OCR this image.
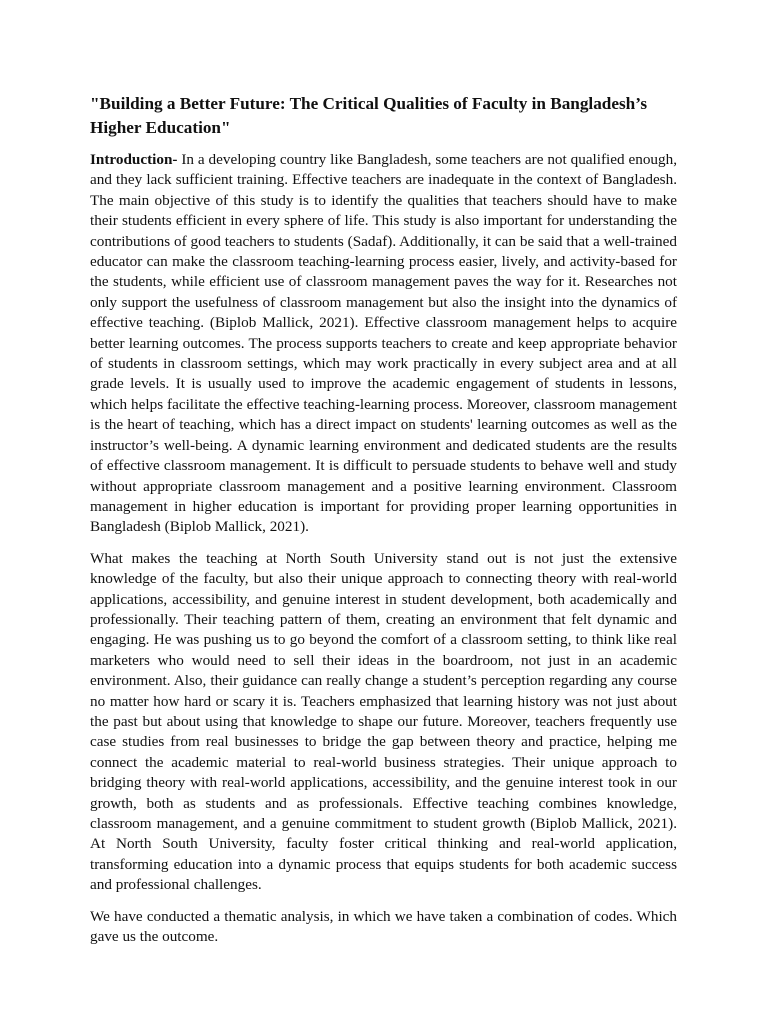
"Building a Better Future: The Critical Qualities of Faculty in Bangladesh’s Higher Education"

Introduction- In a developing country like Bangladesh, some teachers are not qualified enough, and they lack sufficient training. Effective teachers are inadequate in the context of Bangladesh. The main objective of this study is to identify the qualities that teachers should have to make their students efficient in every sphere of life. This study is also important for understanding the contributions of good teachers to students (Sadaf). Additionally, it can be said that a well-trained educator can make the classroom teaching-learning process easier, lively, and activity-based for the students, while efficient use of classroom management paves the way for it. Researches not only support the usefulness of classroom management but also the insight into the dynamics of effective teaching. (Biplob Mallick, 2021). Effective classroom management helps to acquire better learning outcomes. The process supports teachers to create and keep appropriate behavior of students in classroom settings, which may work practically in every subject area and at all grade levels. It is usually used to improve the academic engagement of students in lessons, which helps facilitate the effective teaching-learning process. Moreover, classroom management is the heart of teaching, which has a direct impact on students' learning outcomes as well as the instructor’s well-being. A dynamic learning environment and dedicated students are the results of effective classroom management. It is difficult to persuade students to behave well and study without appropriate classroom management and a positive learning environment. Classroom management in higher education is important for providing proper learning opportunities in Bangladesh (Biplob Mallick, 2021).

What makes the teaching at North South University stand out is not just the extensive knowledge of the faculty, but also their unique approach to connecting theory with real-world applications, accessibility, and genuine interest in student development, both academically and professionally. Their teaching pattern of them, creating an environment that felt dynamic and engaging. He was pushing us to go beyond the comfort of a classroom setting, to think like real marketers who would need to sell their ideas in the boardroom, not just in an academic environment. Also, their guidance can really change a student’s perception regarding any course no matter how hard or scary it is. Teachers emphasized that learning history was not just about the past but about using that knowledge to shape our future. Moreover, teachers frequently use case studies from real businesses to bridge the gap between theory and practice, helping me connect the academic material to real-world business strategies. Their unique approach to bridging theory with real-world applications, accessibility, and the genuine interest took in our growth, both as students and as professionals. Effective teaching combines knowledge, classroom management, and a genuine commitment to student growth (Biplob Mallick, 2021). At North South University, faculty foster critical thinking and real-world application, transforming education into a dynamic process that equips students for both academic success and professional challenges.

We have conducted a thematic analysis, in which we have taken a combination of codes. Which gave us the outcome.
